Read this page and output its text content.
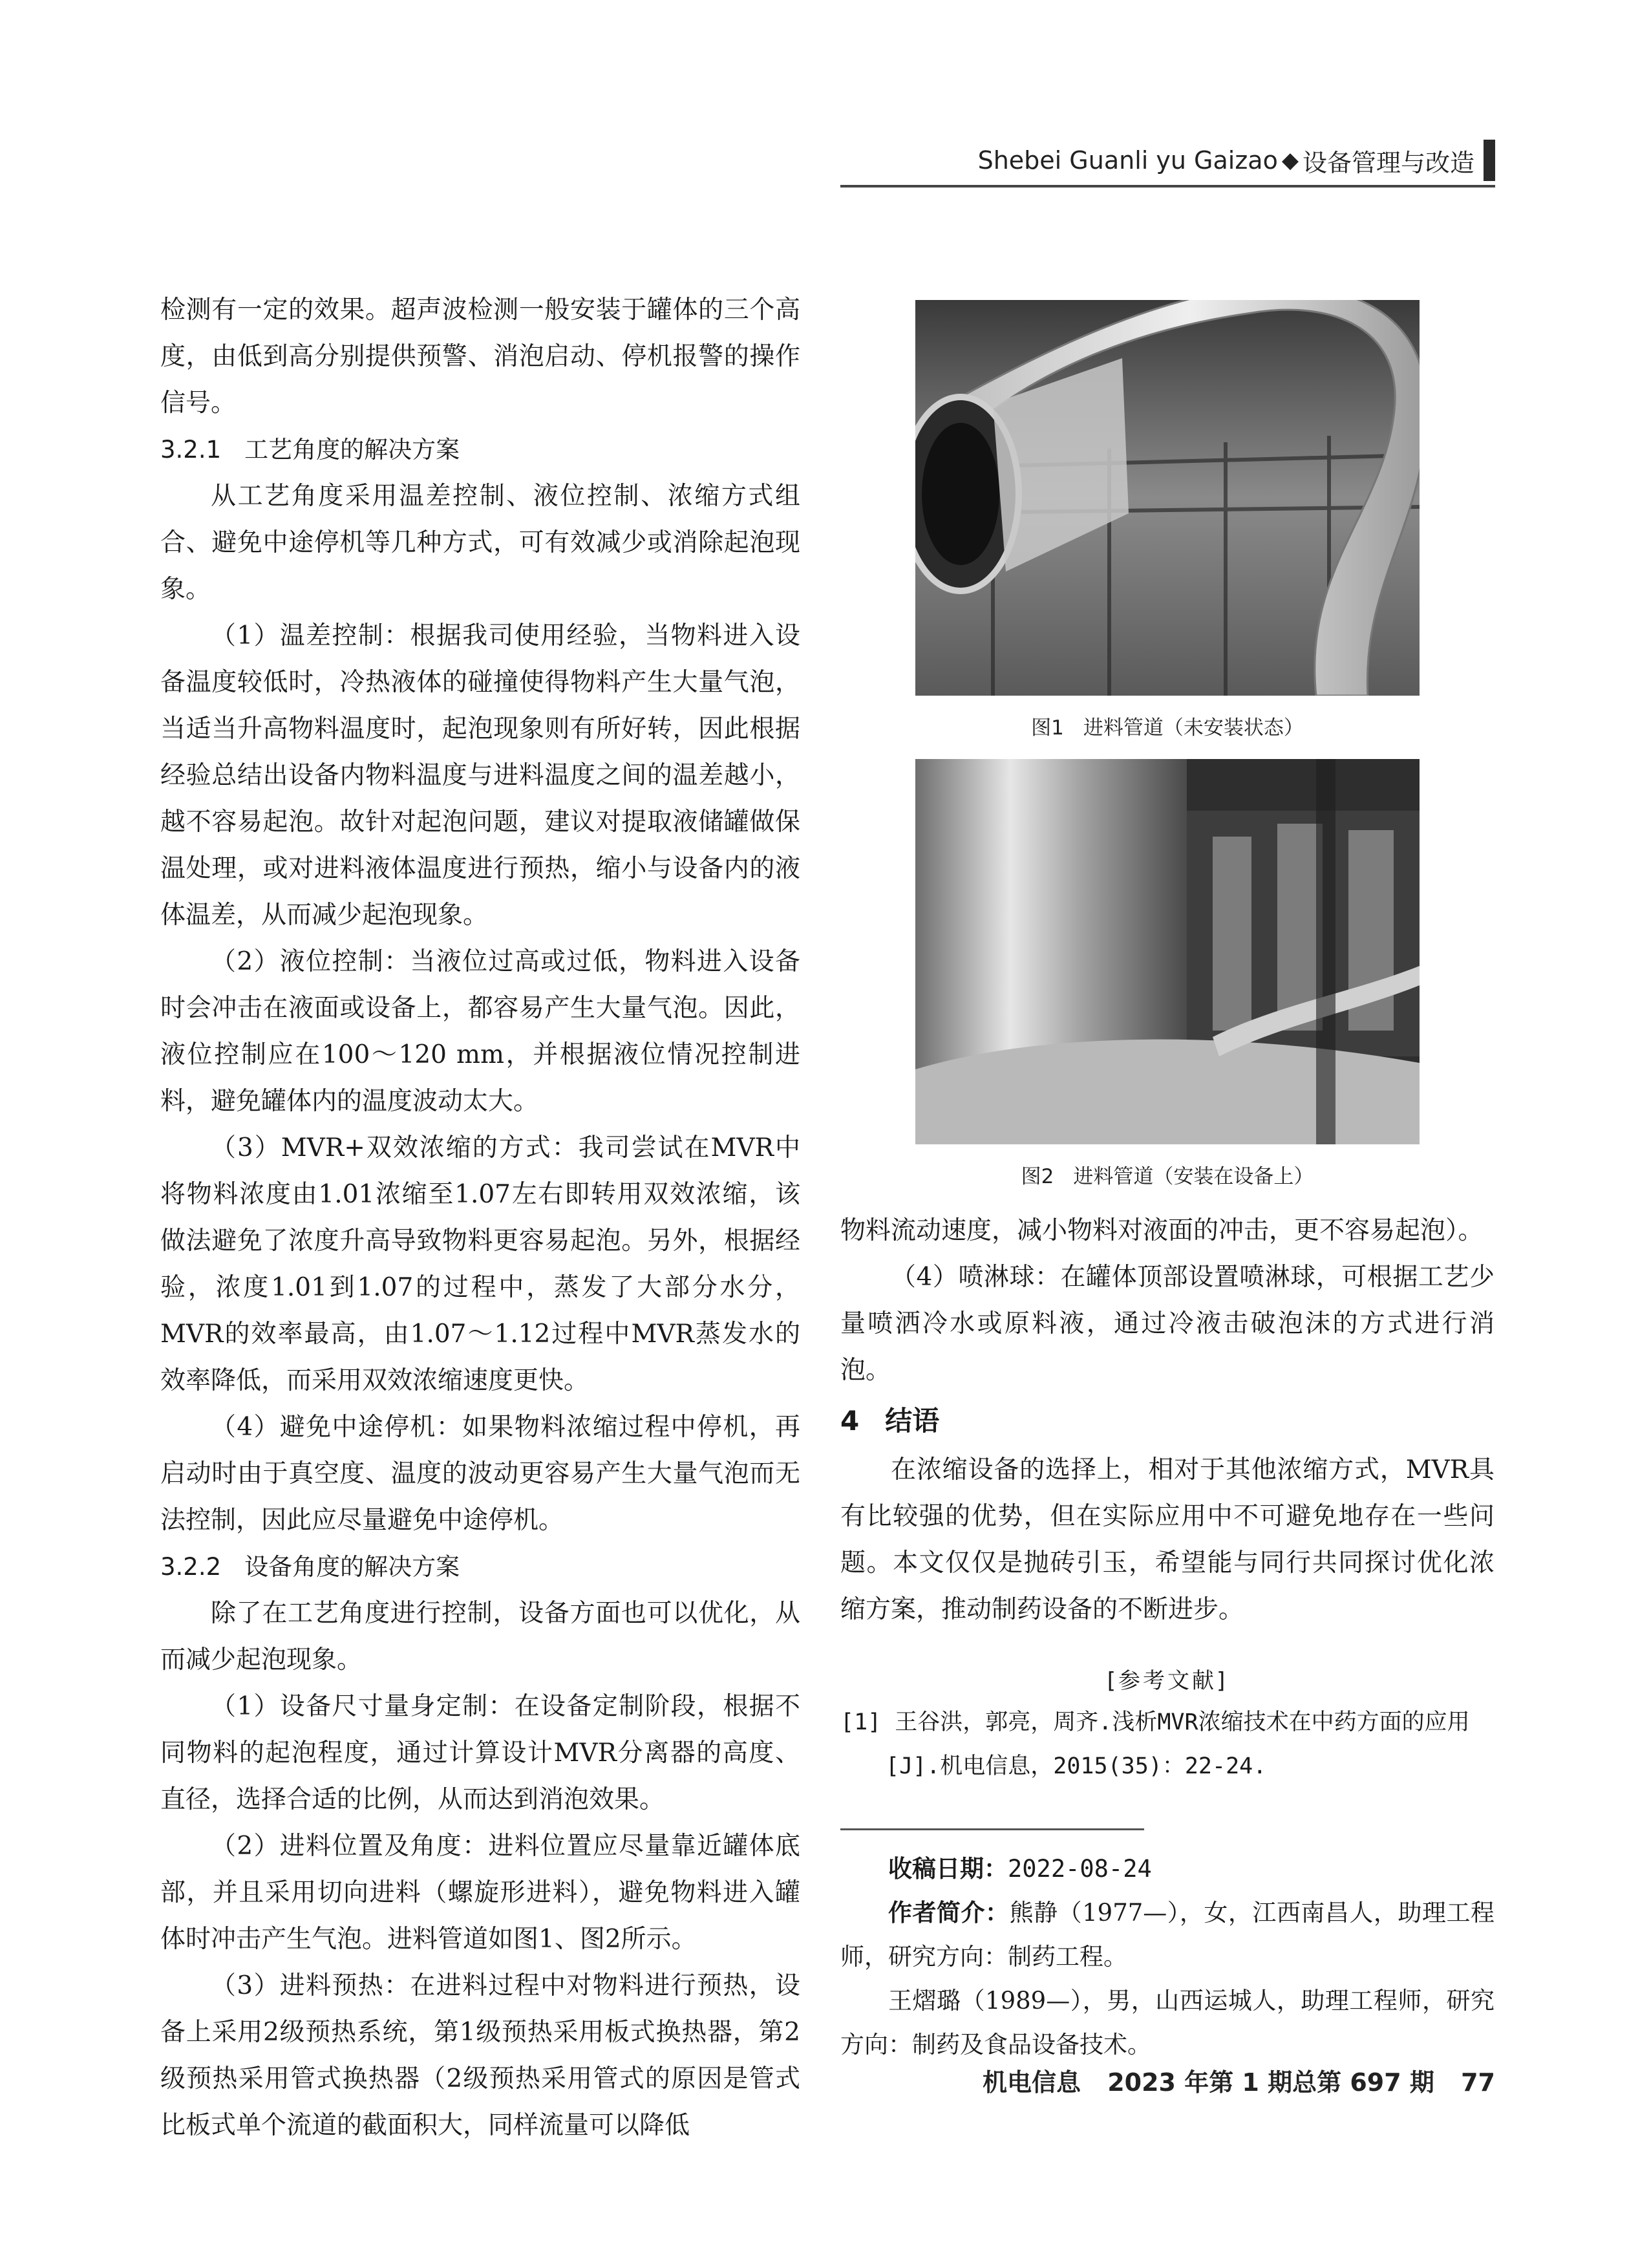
Shebei Guanli yu Gaizao ◆ 设备管理与改造

检测有一定的效果。超声波检测一般安装于罐体的三个高度，由低到高分别提供预警、消泡启动、停机报警的操作信号。

3.2.1 工艺角度的解决方案

从工艺角度采用温差控制、液位控制、浓缩方式组合、避免中途停机等几种方式，可有效减少或消除起泡现象。

（1）温差控制：根据我司使用经验，当物料进入设备温度较低时，冷热液体的碰撞使得物料产生大量气泡，当适当升高物料温度时，起泡现象则有所好转，因此根据经验总结出设备内物料温度与进料温度之间的温差越小，越不容易起泡。故针对起泡问题，建议对提取液储罐做保温处理，或对进料液体温度进行预热，缩小与设备内的液体温差，从而减少起泡现象。

（2）液位控制：当液位过高或过低，物料进入设备时会冲击在液面或设备上，都容易产生大量气泡。因此，液位控制应在100～120 mm，并根据液位情况控制进料，避免罐体内的温度波动太大。

（3）MVR+双效浓缩的方式：我司尝试在MVR中将物料浓度由1.01浓缩至1.07左右即转用双效浓缩，该做法避免了浓度升高导致物料更容易起泡。另外，根据经验，浓度1.01到1.07的过程中，蒸发了大部分水分，MVR的效率最高，由1.07～1.12过程中MVR蒸发水的效率降低，而采用双效浓缩速度更快。

（4）避免中途停机：如果物料浓缩过程中停机，再启动时由于真空度、温度的波动更容易产生大量气泡而无法控制，因此应尽量避免中途停机。

3.2.2 设备角度的解决方案

除了在工艺角度进行控制，设备方面也可以优化，从而减少起泡现象。

（1）设备尺寸量身定制：在设备定制阶段，根据不同物料的起泡程度，通过计算设计MVR分离器的高度、直径，选择合适的比例，从而达到消泡效果。

（2）进料位置及角度：进料位置应尽量靠近罐体底部，并且采用切向进料（螺旋形进料），避免物料进入罐体时冲击产生气泡。进料管道如图1、图2所示。

（3）进料预热：在进料过程中对物料进行预热，设备上采用2级预热系统，第1级预热采用板式换热器，第2级预热采用管式换热器（2级预热采用管式的原因是管式比板式单个流道的截面积大，同样流量可以降低

图1 进料管道（未安装状态）
图2 进料管道（安装在设备上）

物料流动速度，减小物料对液面的冲击，更不容易起泡）。

（4）喷淋球：在罐体顶部设置喷淋球，可根据工艺少量喷洒冷水或原料液，通过冷液击破泡沫的方式进行消泡。

4 结语

在浓缩设备的选择上，相对于其他浓缩方式，MVR具有比较强的优势，但在实际应用中不可避免地存在一些问题。本文仅仅是抛砖引玉，希望能与同行共同探讨优化浓缩方案，推动制药设备的不断进步。

[参考文献]
[1] 王谷洪，郭亮，周齐.浅析MVR浓缩技术在中药方面的应用[J].机电信息，2015(35)：22-24.
收稿日期：2022-08-24
作者简介：熊静（1977—），女，江西南昌人，助理工程师，研究方向：制药工程。
王熠璐（1989—），男，山西运城人，助理工程师，研究方向：制药及食品设备技术。
机电信息 2023 年第 1 期总第 697 期 77
